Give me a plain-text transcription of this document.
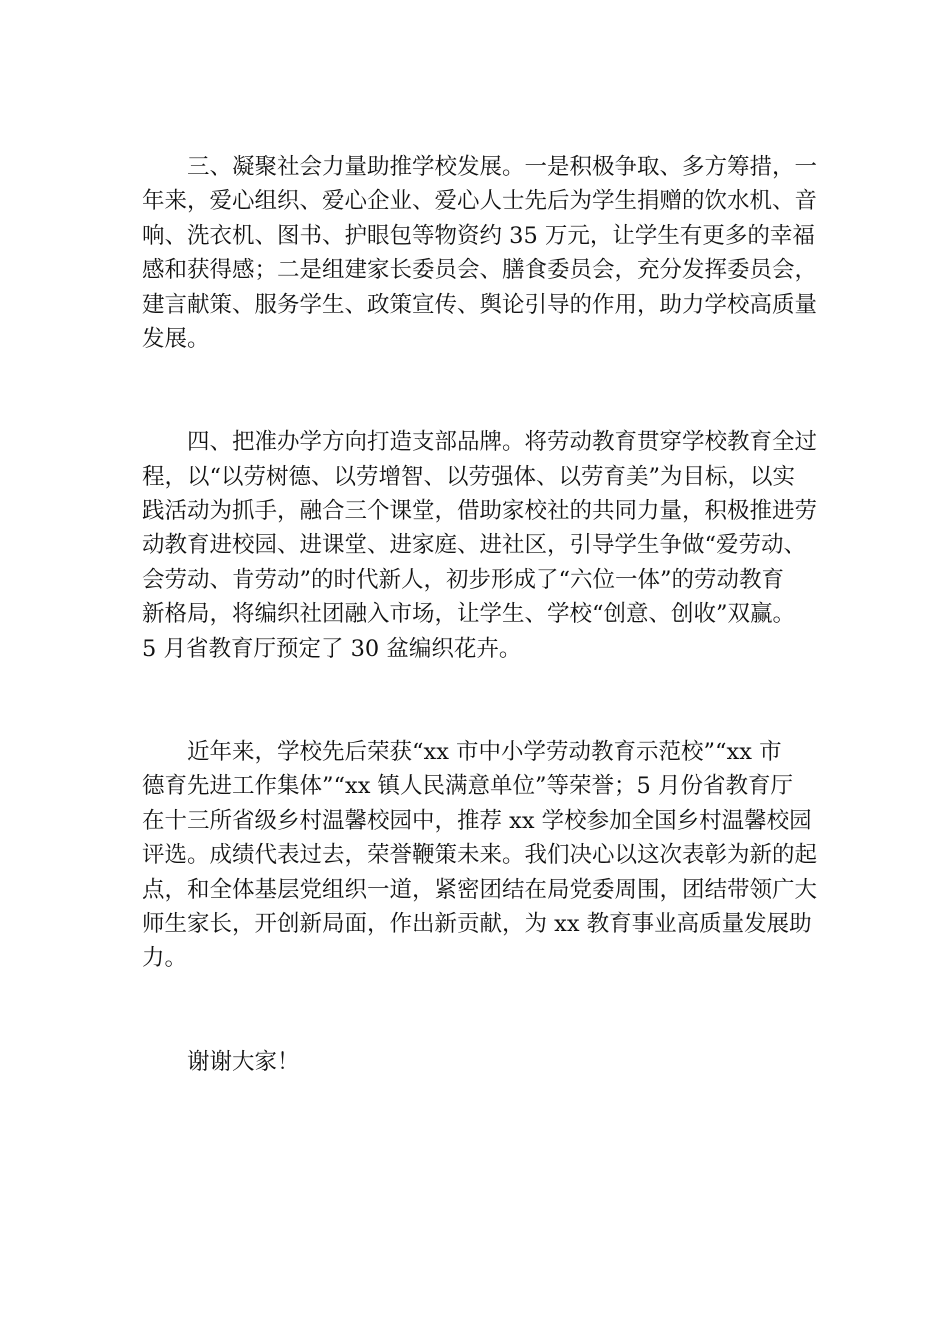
三、凝聚社会力量助推学校发展。一是积极争取、多方筹措，一
年来，爱心组织、爱心企业、爱心人士先后为学生捐赠的饮水机、音
响、洗衣机、图书、护眼包等物资约 35 万元，让学生有更多的幸福
感和获得感；二是组建家长委员会、膳食委员会，充分发挥委员会，
建言献策、服务学生、政策宣传、舆论引导的作用，助力学校高质量
发展。
四、把准办学方向打造支部品牌。将劳动教育贯穿学校教育全过
程，以“以劳树德、以劳增智、以劳强体、以劳育美”为目标，以实
践活动为抓手，融合三个课堂，借助家校社的共同力量，积极推进劳
动教育进校园、进课堂、进家庭、进社区，引导学生争做“爱劳动、
会劳动、肯劳动”的时代新人，初步形成了“六位一体”的劳动教育
新格局，将编织社团融入市场，让学生、学校“创意、创收”双赢。
5 月省教育厅预定了 30 盆编织花卉。
近年来，学校先后荣获“xx 市中小学劳动教育示范校”“xx 市
德育先进工作集体”“xx 镇人民满意单位”等荣誉；5 月份省教育厅
在十三所省级乡村温馨校园中，推荐 xx 学校参加全国乡村温馨校园
评选。成绩代表过去，荣誉鞭策未来。我们决心以这次表彰为新的起
点，和全体基层党组织一道，紧密团结在局党委周围，团结带领广大
师生家长，开创新局面，作出新贡献，为 xx 教育事业高质量发展助
力。
谢谢大家！
